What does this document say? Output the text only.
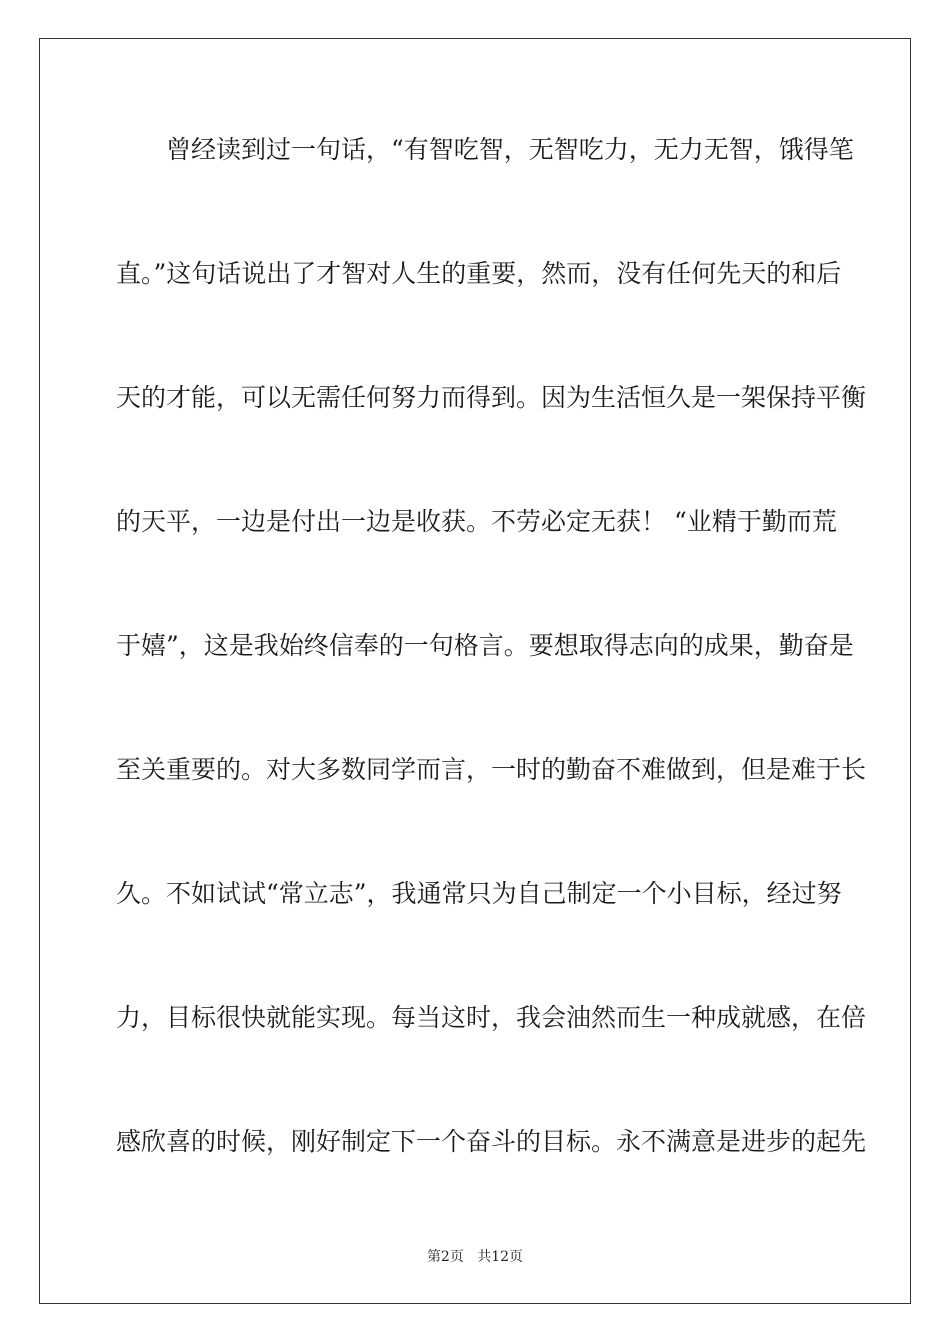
曾经读到过一句话，“有智吃智，无智吃力，无力无智，饿得笔
直。”这句话说出了才智对人生的重要，然而，没有任何先天的和后
天的才能，可以无需任何努力而得到。因为生活恒久是一架保持平衡
的天平，一边是付出一边是收获。不劳必定无获！ “业精于勤而荒
于嬉”，这是我始终信奉的一句格言。要想取得志向的成果，勤奋是
至关重要的。对大多数同学而言，一时的勤奋不难做到，但是难于长
久。不如试试“常立志”，我通常只为自己制定一个小目标，经过努
力，目标很快就能实现。每当这时，我会油然而生一种成就感，在倍
感欣喜的时候，刚好制定下一个奋斗的目标。永不满意是进步的起先
第2页 共12页
